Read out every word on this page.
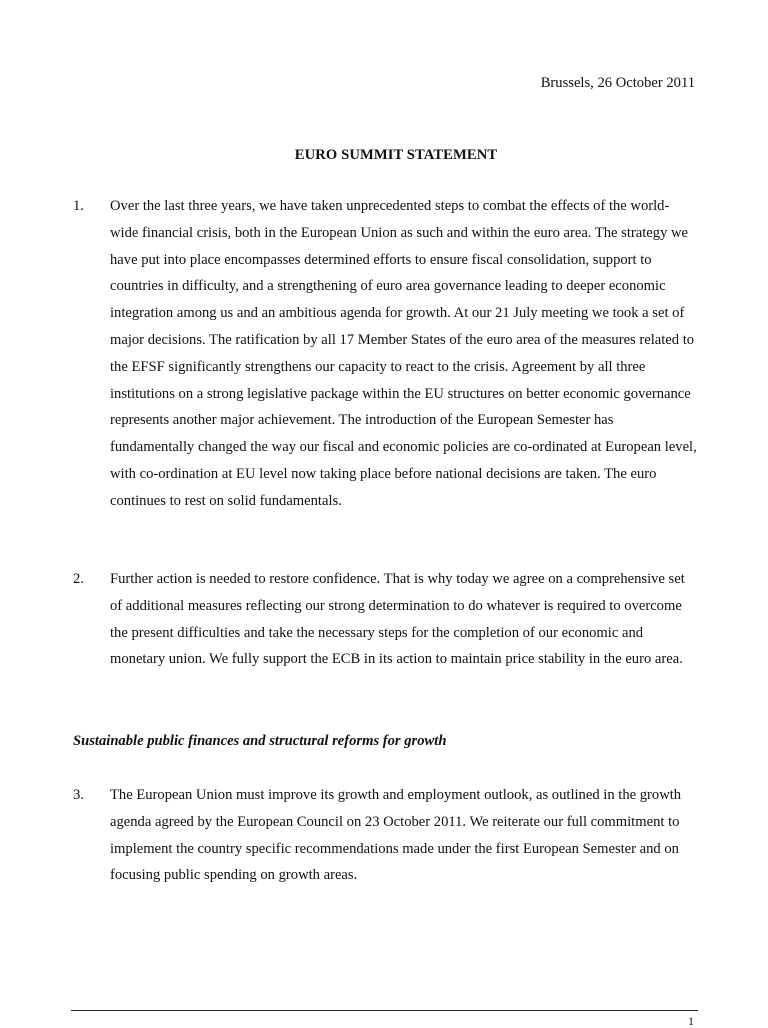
Brussels, 26 October 2011
EURO SUMMIT STATEMENT
1. Over the last three years, we have taken unprecedented steps to combat the effects of the world-wide financial crisis, both in the European Union as such and within the euro area. The strategy we have put into place encompasses determined efforts to ensure fiscal consolidation, support to countries in difficulty, and a strengthening of euro area governance leading to deeper economic integration among us and an ambitious agenda for growth. At our 21 July meeting we took a set of major decisions. The ratification by all 17 Member States of the euro area of the measures related to the EFSF significantly strengthens our capacity to react to the crisis. Agreement by all three institutions on a strong legislative package within the EU structures on better economic governance represents another major achievement. The introduction of the European Semester has fundamentally changed the way our fiscal and economic policies are co-ordinated at European level, with co-ordination at EU level now taking place before national decisions are taken. The euro continues to rest on solid fundamentals.
2. Further action is needed to restore confidence. That is why today we agree on a comprehensive set of additional measures reflecting our strong determination to do whatever is required to overcome the present difficulties and take the necessary steps for the completion of our economic and monetary union. We fully support the ECB in its action to maintain price stability in the euro area.
Sustainable public finances and structural reforms for growth
3. The European Union must improve its growth and employment outlook, as outlined in the growth agenda agreed by the European Council on 23 October 2011. We reiterate our full commitment to implement the country specific recommendations made under the first European Semester and on focusing public spending on growth areas.
1
